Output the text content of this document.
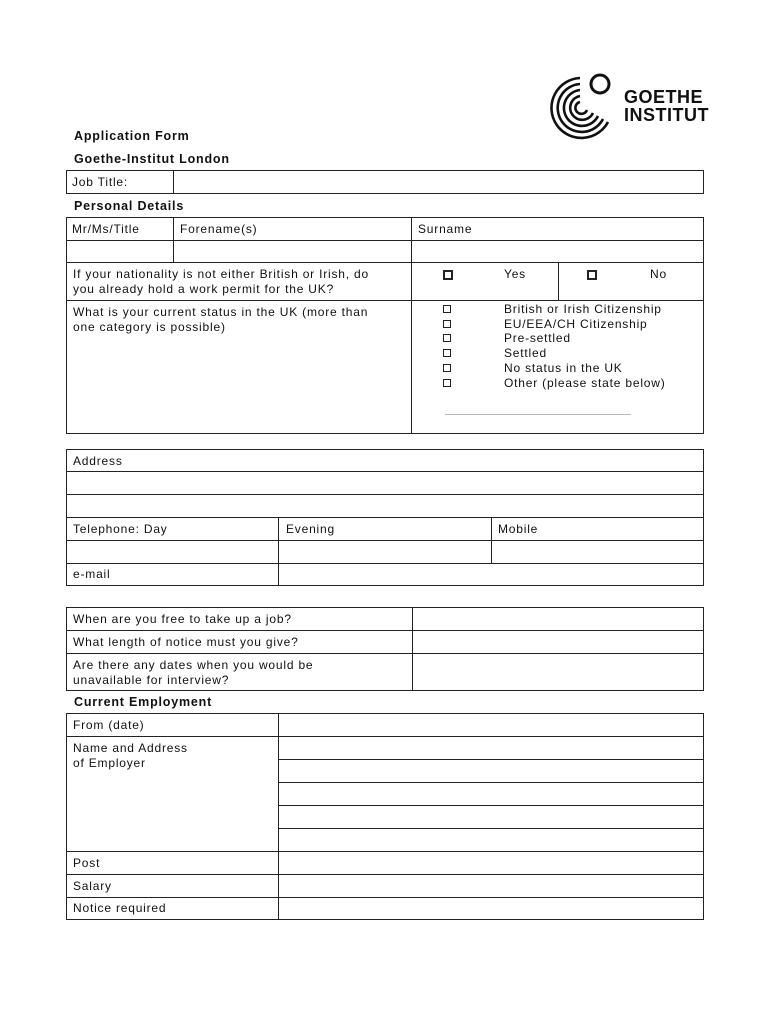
GOETHE
INSTITUT
Application Form
Goethe-Institut London
Job Title:
Personal Details
Mr/Ms/Title	Forename(s)	Surname
If your nationality is not either British or Irish, do
you already hold a work permit for the UK?
Yes	No
What is your current status in the UK (more than
one category is possible)
British or Irish Citizenship
EU/EEA/CH Citizenship
Pre-settled
Settled
No status in the UK
Other (please state below)
Address
Telephone: Day	Evening	Mobile
e-mail
When are you free to take up a job?
What length of notice must you give?
Are there any dates when you would be
unavailable for interview?
Current Employment
From (date)
Name and Address
of Employer
Post
Salary
Notice required
